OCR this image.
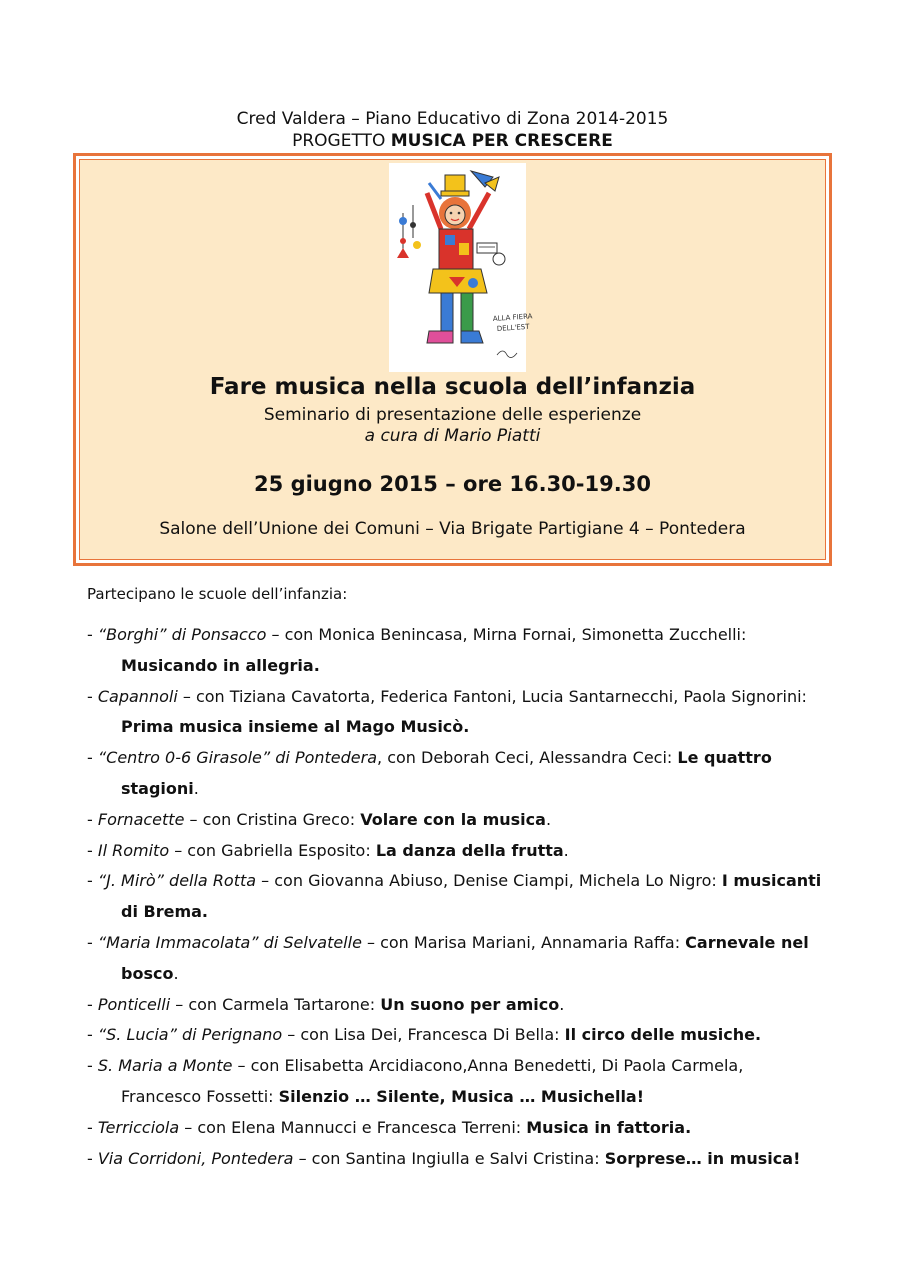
Cred Valdera – Piano Educativo di Zona 2014-2015
PROGETTO MUSICA PER CRESCERE
ALLA FIERA
DELL'EST
Fare musica nella scuola dell’infanzia
Seminario di presentazione delle esperienze
a cura di Mario Piatti
25 giugno 2015 – ore 16.30-19.30
Salone dell’Unione dei Comuni – Via Brigate Partigiane 4 – Pontedera
Partecipano le scuole dell’infanzia:
- “Borghi” di Ponsacco – con Monica Benincasa, Mirna Fornai, Simonetta Zucchelli: Musicando in allegria.
- Capannoli – con Tiziana Cavatorta, Federica Fantoni, Lucia Santarnecchi, Paola Signorini: Prima musica insieme al Mago Musicò.
- “Centro 0-6 Girasole” di Pontedera, con Deborah Ceci, Alessandra Ceci: Le quattro stagioni.
- Fornacette – con Cristina Greco: Volare con la musica.
- Il Romito – con Gabriella Esposito: La danza della frutta.
- “J. Mirò” della Rotta – con Giovanna Abiuso, Denise Ciampi, Michela Lo Nigro: I musicanti di Brema.
- “Maria Immacolata” di Selvatelle – con Marisa Mariani, Annamaria Raffa: Carnevale nel bosco.
- Ponticelli – con Carmela Tartarone: Un suono per amico.
- “S. Lucia” di Perignano – con Lisa Dei, Francesca Di Bella: Il circo delle musiche.
- S. Maria a Monte – con Elisabetta Arcidiacono,Anna Benedetti, Di Paola Carmela, Francesco Fossetti: Silenzio … Silente, Musica … Musichella!
- Terricciola – con Elena Mannucci e Francesca Terreni: Musica in fattoria.
- Via Corridoni, Pontedera – con Santina Ingiulla e Salvi Cristina: Sorprese… in musica!
